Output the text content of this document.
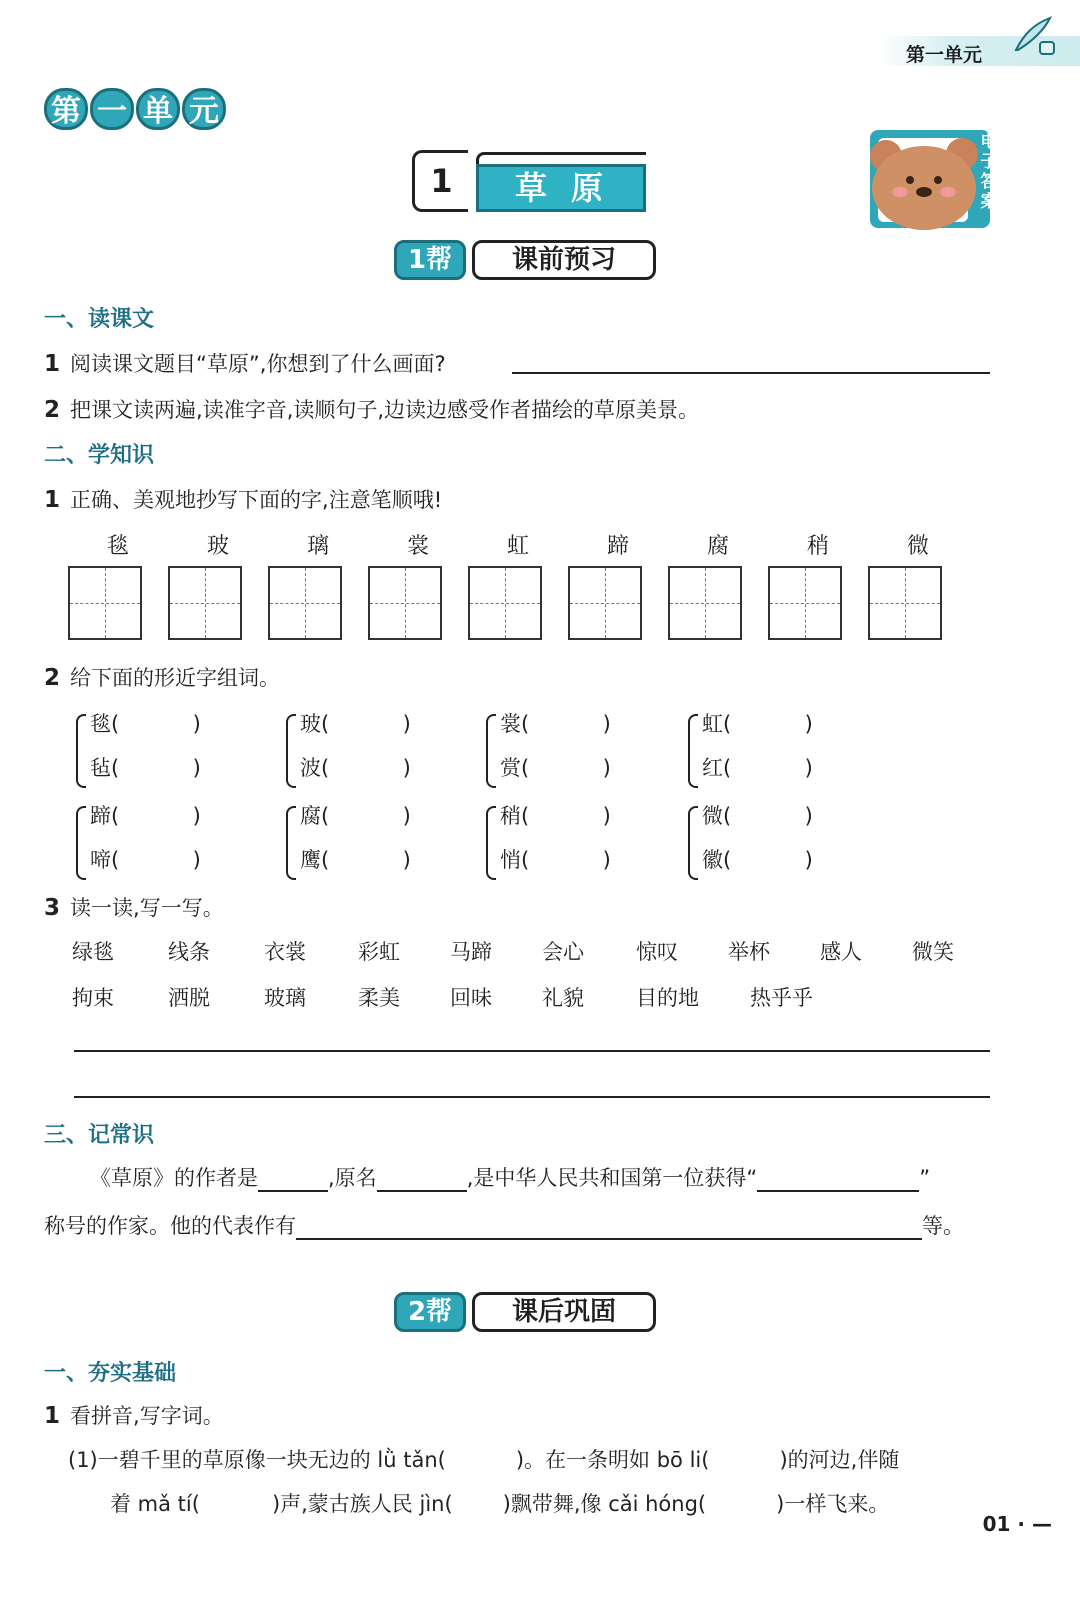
第一单元
第 一 单 元
1	草原
电子答案
1帮	课前预习
一、读课文
1 阅读课文题目“草原”,你想到了什么画面?
2 把课文读两遍,读准字音,读顺句子,边读边感受作者描绘的草原美景。
二、学知识
1 正确、美观地抄写下面的字,注意笔顺哦!
毯	玻	璃	裳	虹	蹄	腐	稍	微
2 给下面的形近字组词。
毯(           )
毡(           )
玻(           )
波(           )
裳(           )
赏(           )
虹(           )
红(           )
蹄(           )
啼(           )
腐(           )
鹰(           )
稍(           )
悄(           )
微(           )
徽(           )
3 读一读,写一写。
绿毯	线条	衣裳 彩虹 马蹄 会心 惊叹 举杯 感人 微笑
拘束	洒脱	玻璃 柔美 回味 礼貌 目的地 热乎乎
三、记常识
《草原》的作者是	,原名	,是中华人民共和国第一位获得“	”
称号的作家。他的代表作有	等。
2帮	课后巩固
一、夯实基础
1 看拼音,写字词。
(1)一碧千里的草原像一块无边的 lǜ tǎn(	)。在一条明如 bō li(	)的河边,伴随
着 mǎ tí(	)声,蒙古族人民 jìn( )飘带舞,像 cǎi hóng(	)一样飞来。
01 · —
